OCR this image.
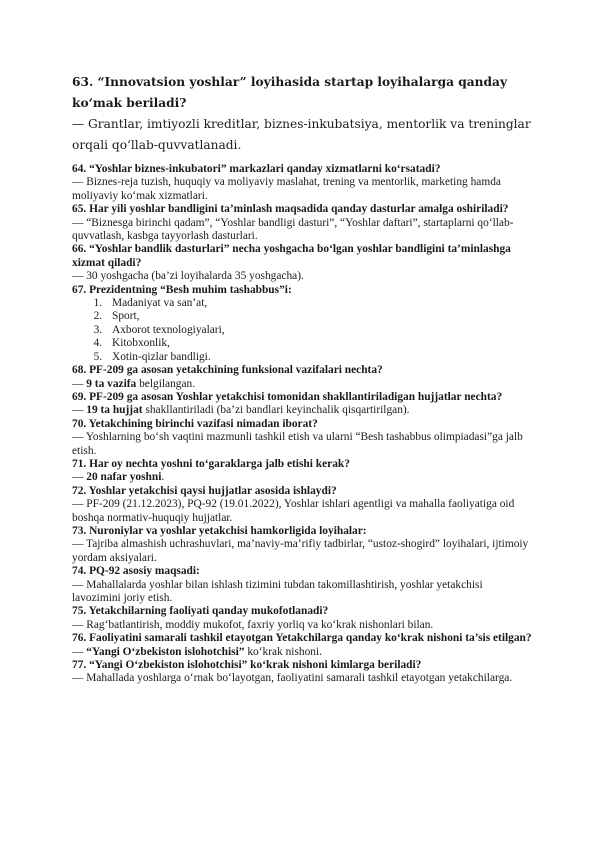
63. “Innovatsion yoshlar” loyihasida startap loyihalarga qanday ko‘mak beriladi?

— Grantlar, imtiyozli kreditlar, biznes-inkubatsiya, mentorlik va treninglar orqali qo‘llab-quvvatlanadi.

64. “Yoshlar biznes-inkubatori” markazlari qanday xizmatlarni ko‘rsatadi?

— Biznes-reja tuzish, huquqiy va moliyaviy maslahat, trening va mentorlik, marketing hamda moliyaviy ko‘mak xizmatlari.

65. Har yili yoshlar bandligini ta’minlash maqsadida qanday dasturlar amalga oshiriladi?

— “Biznesga birinchi qadam”, “Yoshlar bandligi dasturi”, “Yoshlar daftari”, startaplarni qo‘llab-quvvatlash, kasbga tayyorlash dasturlari.

66. “Yoshlar bandlik dasturlari” necha yoshgacha bo‘lgan yoshlar bandligini ta’minlashga xizmat qiladi?

— 30 yoshgacha (ba’zi loyihalarda 35 yoshgacha).

67. Prezidentning “Besh muhim tashabbus”i:

1. Madaniyat va san’at,
2. Sport,
3. Axborot texnologiyalari,
4. Kitobxonlik,
5. Xotin-qizlar bandligi.

68. PF-209 ga asosan yetakchining funksional vazifalari nechta?

— 9 ta vazifa belgilangan.

69. PF-209 ga asosan Yoshlar yetakchisi tomonidan shakllantiriladigan hujjatlar nechta?

— 19 ta hujjat shakllantiriladi (ba’zi bandlari keyinchalik qisqartirilgan).

70. Yetakchining birinchi vazifasi nimadan iborat?

— Yoshlarning bo‘sh vaqtini mazmunli tashkil etish va ularni “Besh tashabbus olimpiadasi”ga jalb etish.

71. Har oy nechta yoshni to‘garaklarga jalb etishi kerak?

— 20 nafar yoshni.

72. Yoshlar yetakchisi qaysi hujjatlar asosida ishlaydi?

— PF-209 (21.12.2023), PQ-92 (19.01.2022), Yoshlar ishlari agentligi va mahalla faoliyatiga oid boshqa normativ-huquqiy hujjatlar.

73. Nuroniylar va yoshlar yetakchisi hamkorligida loyihalar:

— Tajriba almashish uchrashuvlari, ma’naviy-ma’rifiy tadbirlar, “ustoz-shogird” loyihalari, ijtimoiy yordam aksiyalari.

74. PQ-92 asosiy maqsadi:

— Mahallalarda yoshlar bilan ishlash tizimini tubdan takomillashtirish, yoshlar yetakchisi lavozimini joriy etish.

75. Yetakchilarning faoliyati qanday mukofotlanadi?

— Rag‘batlantirish, moddiy mukofot, faxriy yorliq va ko‘krak nishonlari bilan.

76. Faoliyatini samarali tashkil etayotgan Yetakchilarga qanday ko‘krak nishoni ta’sis etilgan?

— “Yangi O‘zbekiston islohotchisi” ko‘krak nishoni.

77. “Yangi O‘zbekiston islohotchisi” ko‘krak nishoni kimlarga beriladi?

— Mahallada yoshlarga o‘rnak bo‘layotgan, faoliyatini samarali tashkil etayotgan yetakchilarga.
